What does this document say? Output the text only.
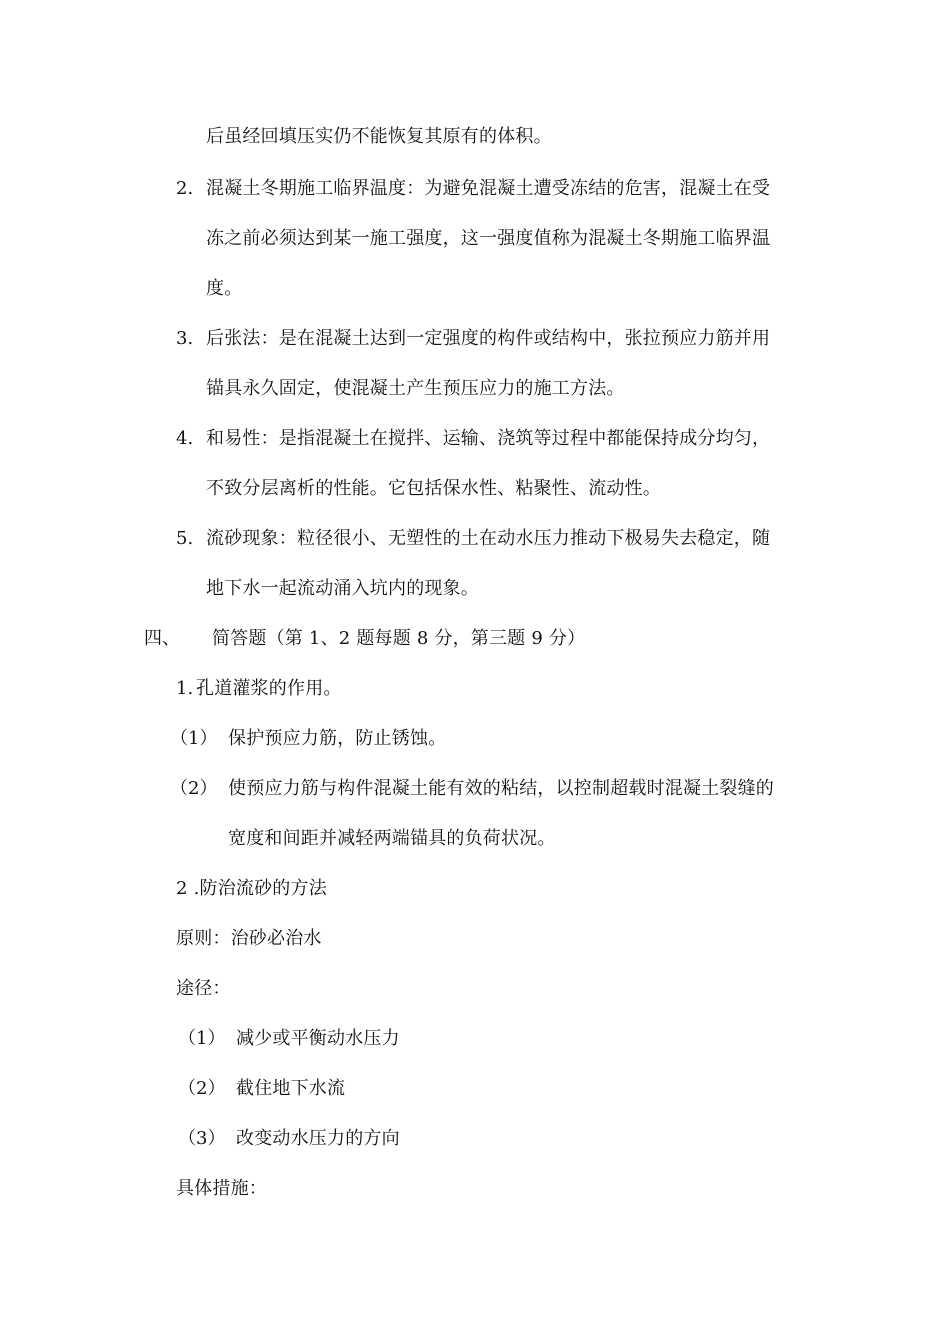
后虽经回填压实仍不能恢复其原有的体积。
2. 混凝土冬期施工临界温度：为避免混凝土遭受冻结的危害，混凝土在受
冻之前必须达到某一施工强度，这一强度值称为混凝土冬期施工临界温
度。
3. 后张法：是在混凝土达到一定强度的构件或结构中，张拉预应力筋并用
锚具永久固定，使混凝土产生预压应力的施工方法。
4. 和易性：是指混凝土在搅拌、运输、浇筑等过程中都能保持成分均匀，
不致分层离析的性能。它包括保水性、粘聚性、流动性。
5. 流砂现象：粒径很小、无塑性的土在动水压力推动下极易失去稳定，随
地下水一起流动涌入坑内的现象。
四、 简答题（第 1、2 题每题 8 分，第三题 9 分）
1. 孔道灌浆的作用。
（1） 保护预应力筋，防止锈蚀。
（2） 使预应力筋与构件混凝土能有效的粘结，以控制超载时混凝土裂缝的
宽度和间距并减轻两端锚具的负荷状况。
2 .防治流砂的方法
原则：治砂必治水
途径：
（1） 减少或平衡动水压力
（2） 截住地下水流
（3） 改变动水压力的方向
具体措施：
